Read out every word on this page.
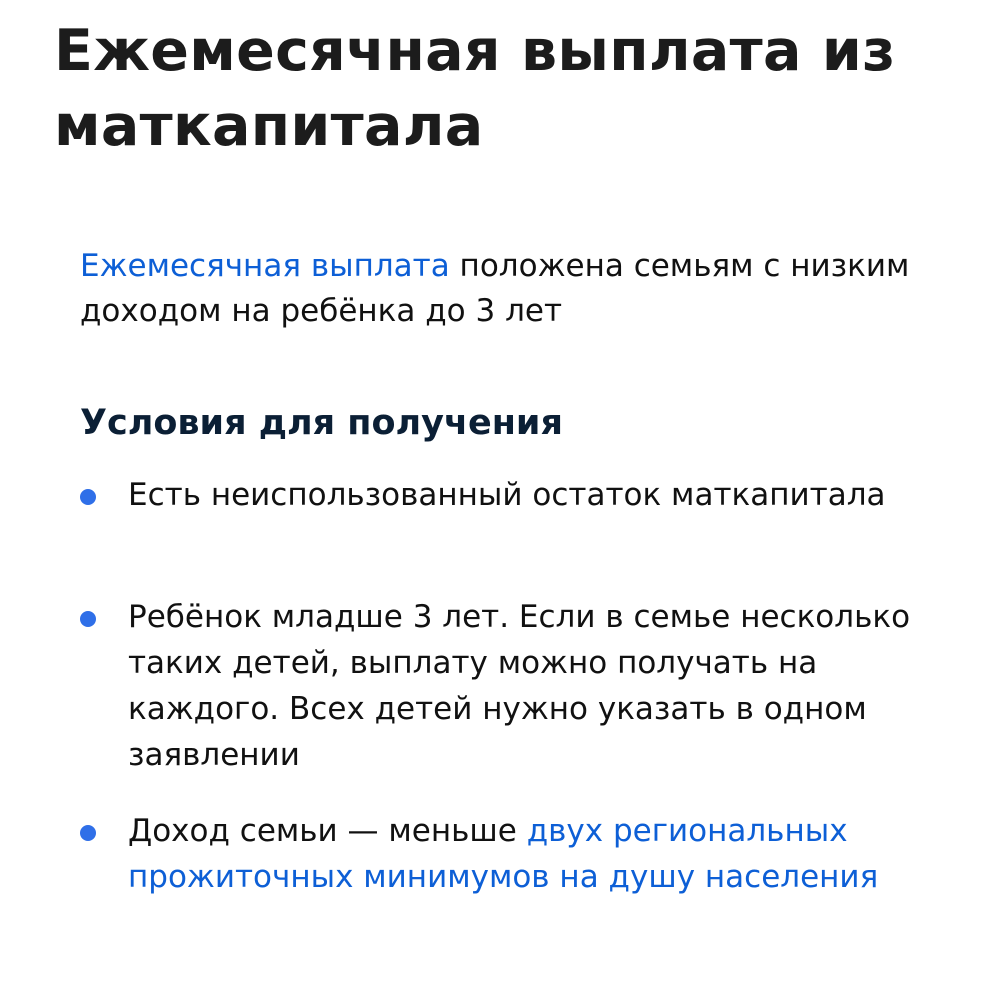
Ежемесячная выплата из маткапитала

Ежемесячная выплата положена семьям с низким доходом на ребёнка до 3 лет

Условия для получения
Есть неиспользованный остаток маткапитала
Ребёнок младше 3 лет. Если в семье несколько таких детей, выплату можно получать на каждого. Всех детей нужно указать в одном заявлении
Доход семьи — меньше двух региональных прожиточных минимумов на душу населения
